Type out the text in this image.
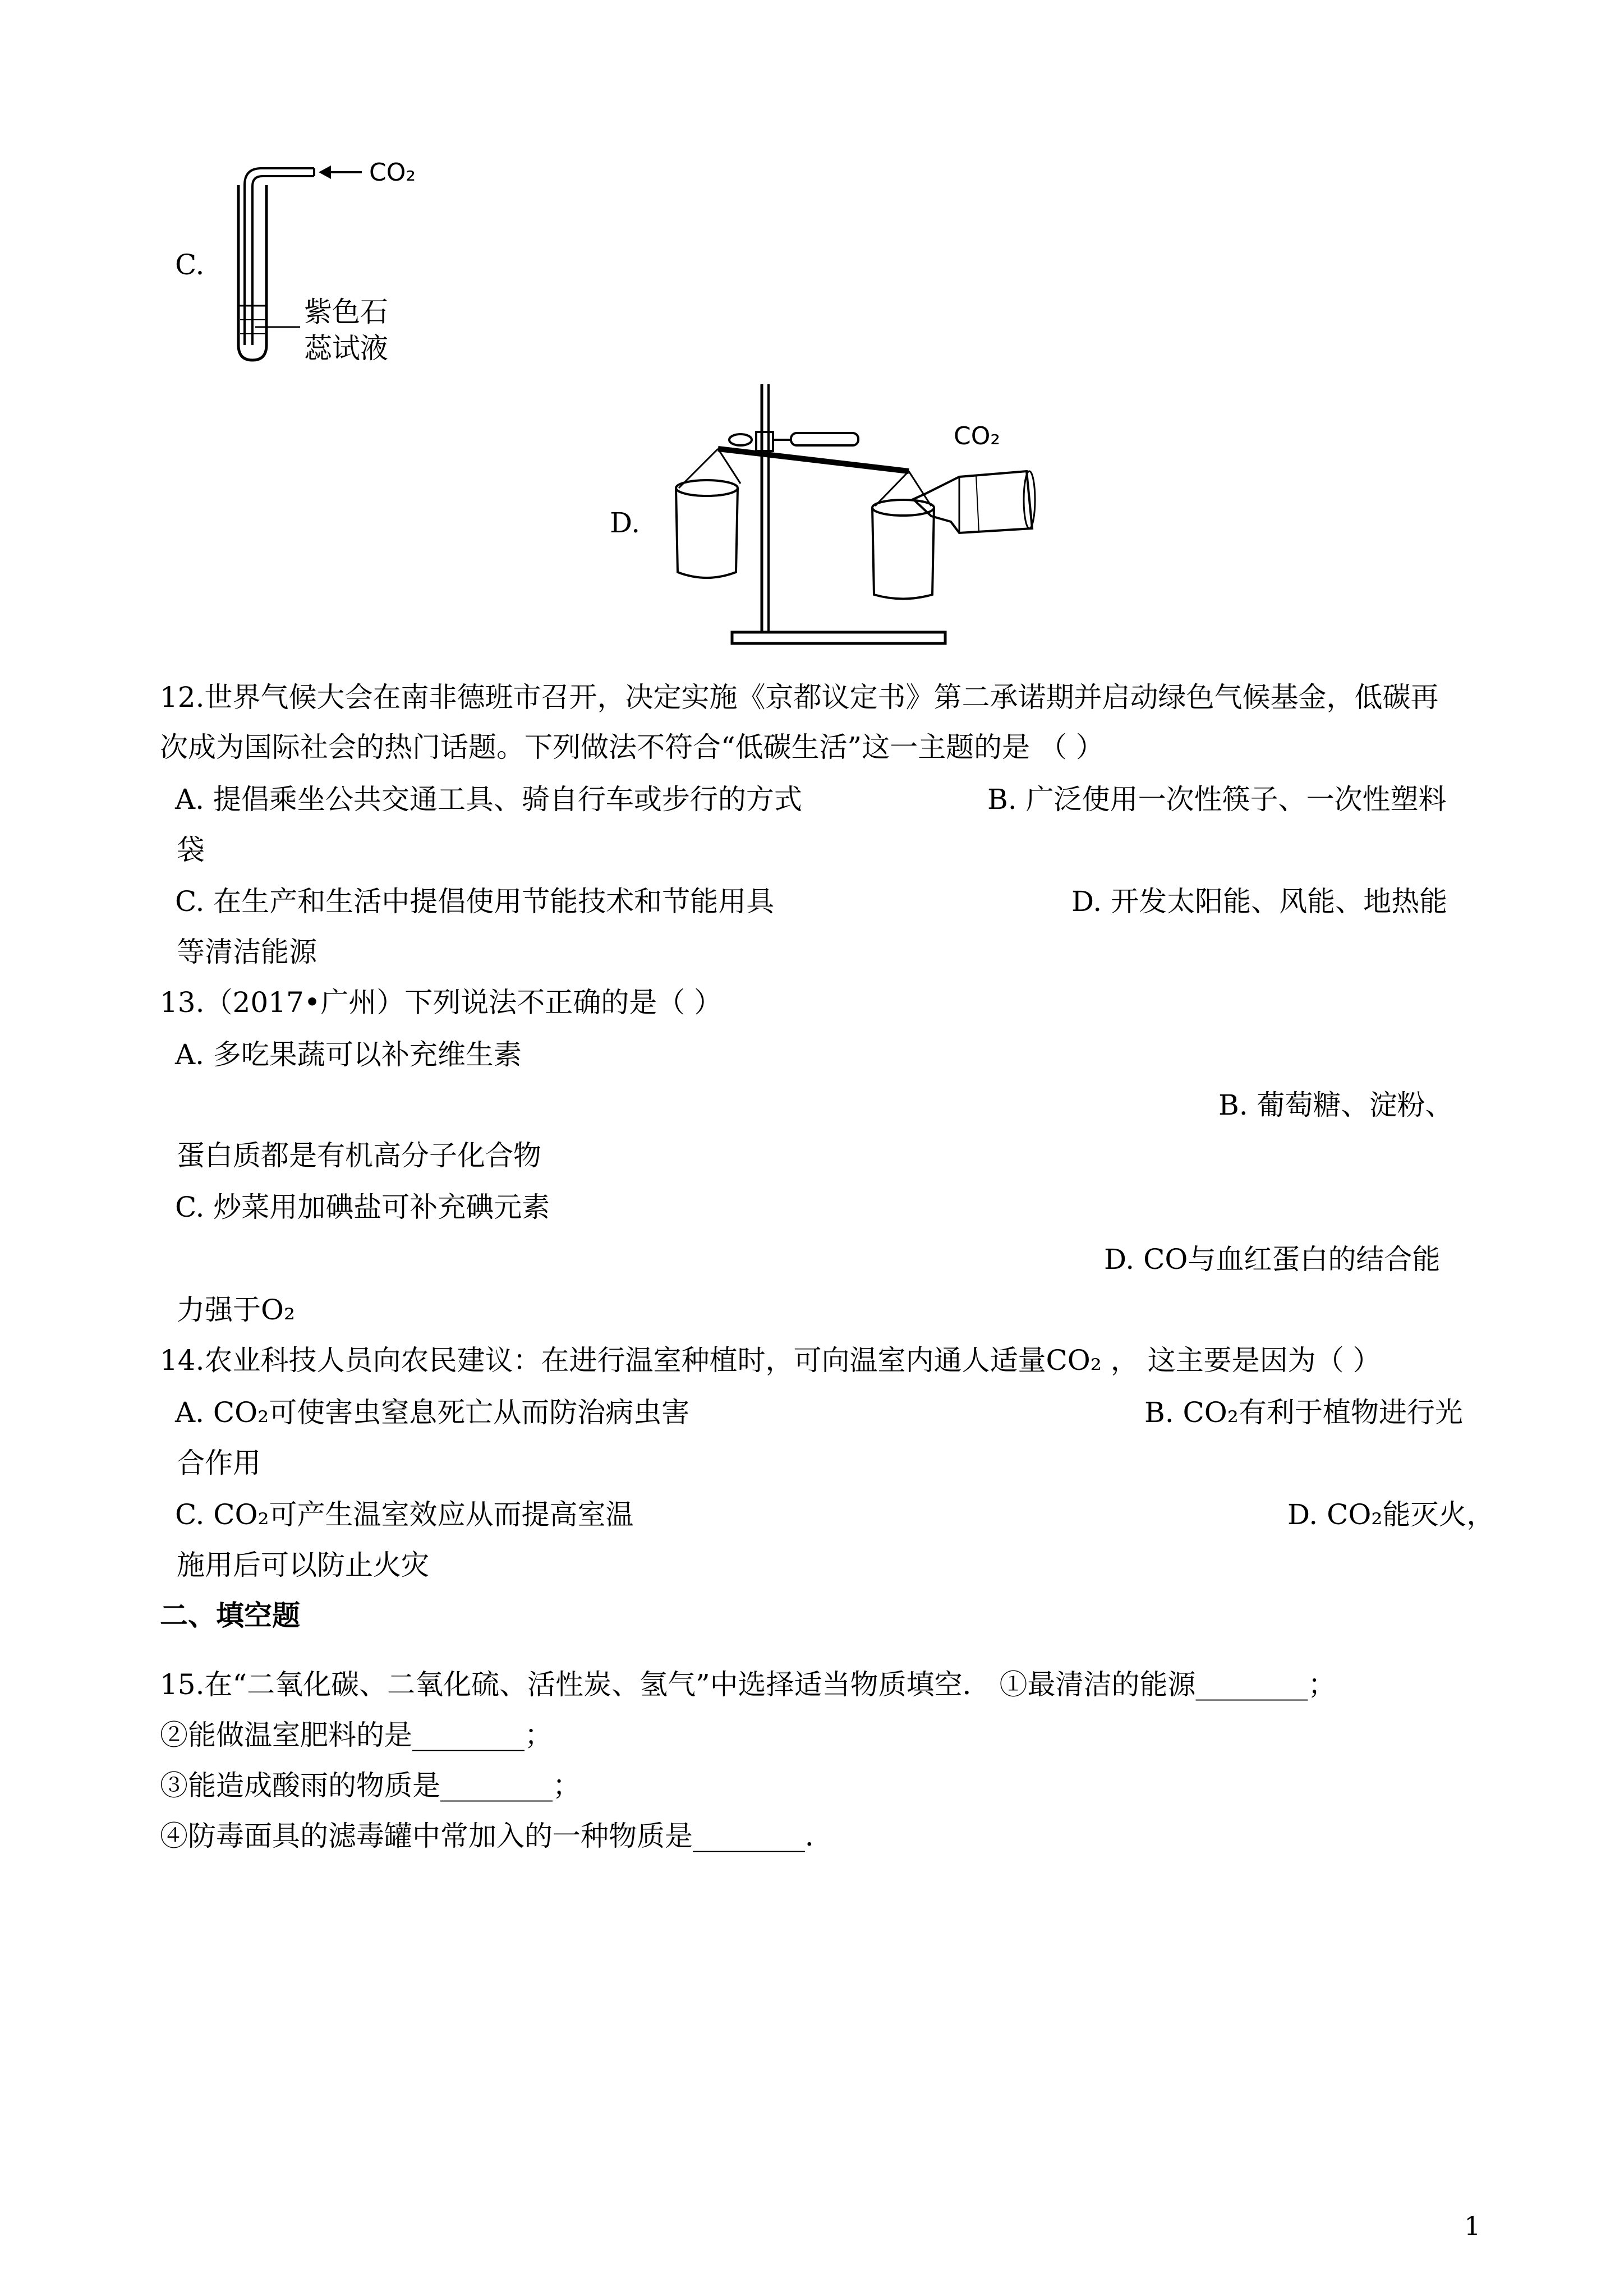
C.
CO₂
紫色石
蕊试液
D.
CO₂
12.世界气候大会在南非德班市召开，决定实施《京都议定书》第二承诺期并启动绿色气候基金，低碳再
次成为国际社会的热门话题。下列做法不符合“低碳生活”这一主题的是 （ ）
A. 提倡乘坐公共交通工具、骑自行车或步行的方式	B. 广泛使用一次性筷子、一次性塑料
袋
C. 在生产和生活中提倡使用节能技术和节能用具	D. 开发太阳能、风能、地热能
等清洁能源
13.（2017•广州）下列说法不正确的是（ ）
A. 多吃果蔬可以补充维生素
B. 葡萄糖、淀粉、
蛋白质都是有机高分子化合物
C. 炒菜用加碘盐可补充碘元素
D. CO与血红蛋白的结合能
力强于O₂
14.农业科技人员向农民建议：在进行温室种植时，可向温室内通人适量CO₂ ， 这主要是因为（ ）
A. CO₂可使害虫窒息死亡从而防治病虫害	B. CO₂有利于植物进行光
合作用
C. CO₂可产生温室效应从而提高室温	D. CO₂能灭火，
施用后可以防止火灾
二、填空题
15.在“二氧化碳、二氧化硫、活性炭、氢气”中选择适当物质填空． ①最清洁的能源________；
②能做温室肥料的是________；
③能造成酸雨的物质是________；
④防毒面具的滤毒罐中常加入的一种物质是________．
1
